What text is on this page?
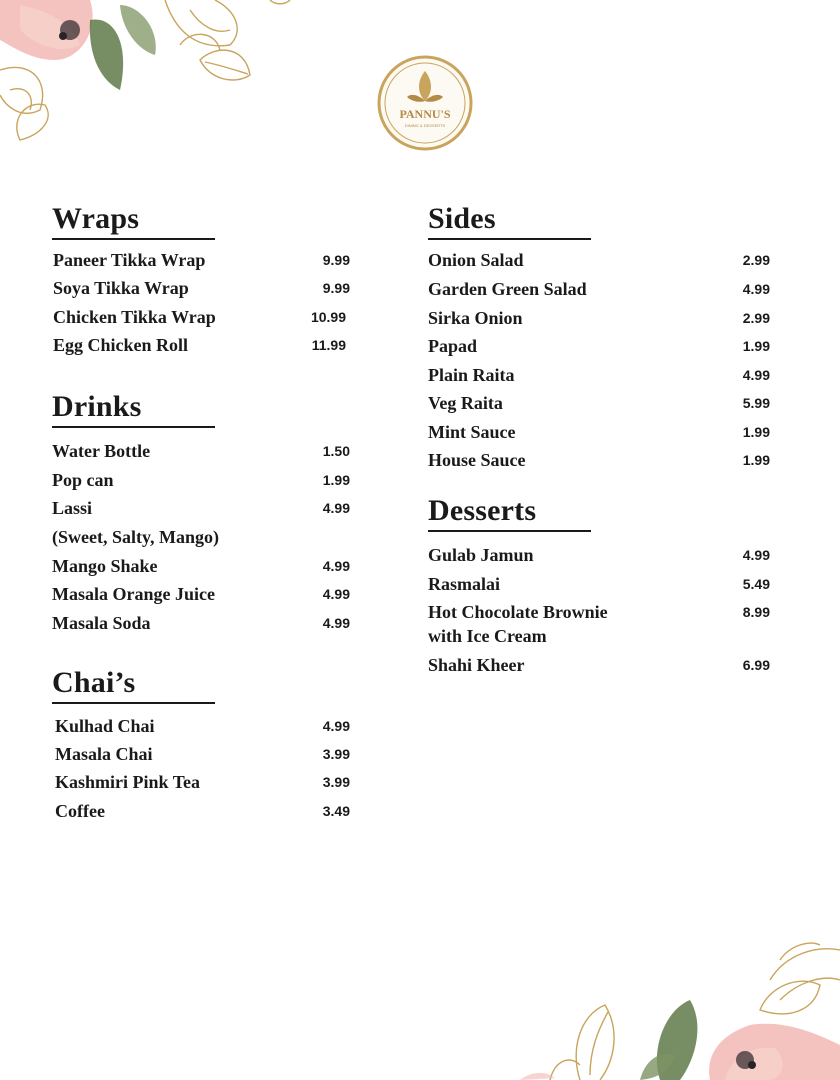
PANNU'S
DINING & DESSERTS
Wraps
Paneer Tikka Wrap	9.99
Soya Tikka Wrap	9.99
Chicken Tikka Wrap	10.99
Egg Chicken Roll	11.99
Drinks
Water Bottle	1.50
Pop can	1.99
Lassi	4.99
(Sweet, Salty, Mango)
Mango Shake	4.99
Masala Orange Juice	4.99
Masala Soda	4.99
Chai’s
Kulhad Chai	4.99
Masala Chai	3.99
Kashmiri Pink Tea	3.99
Coffee	3.49
Sides
Onion Salad	2.99
Garden Green Salad	4.99
Sirka Onion	2.99
Papad	1.99
Plain Raita	4.99
Veg Raita	5.99
Mint Sauce	1.99
House Sauce	1.99
Desserts
Gulab Jamun	4.99
Rasmalai	5.49
Hot Chocolate Brownie	8.99
with Ice Cream
Shahi Kheer	6.99
